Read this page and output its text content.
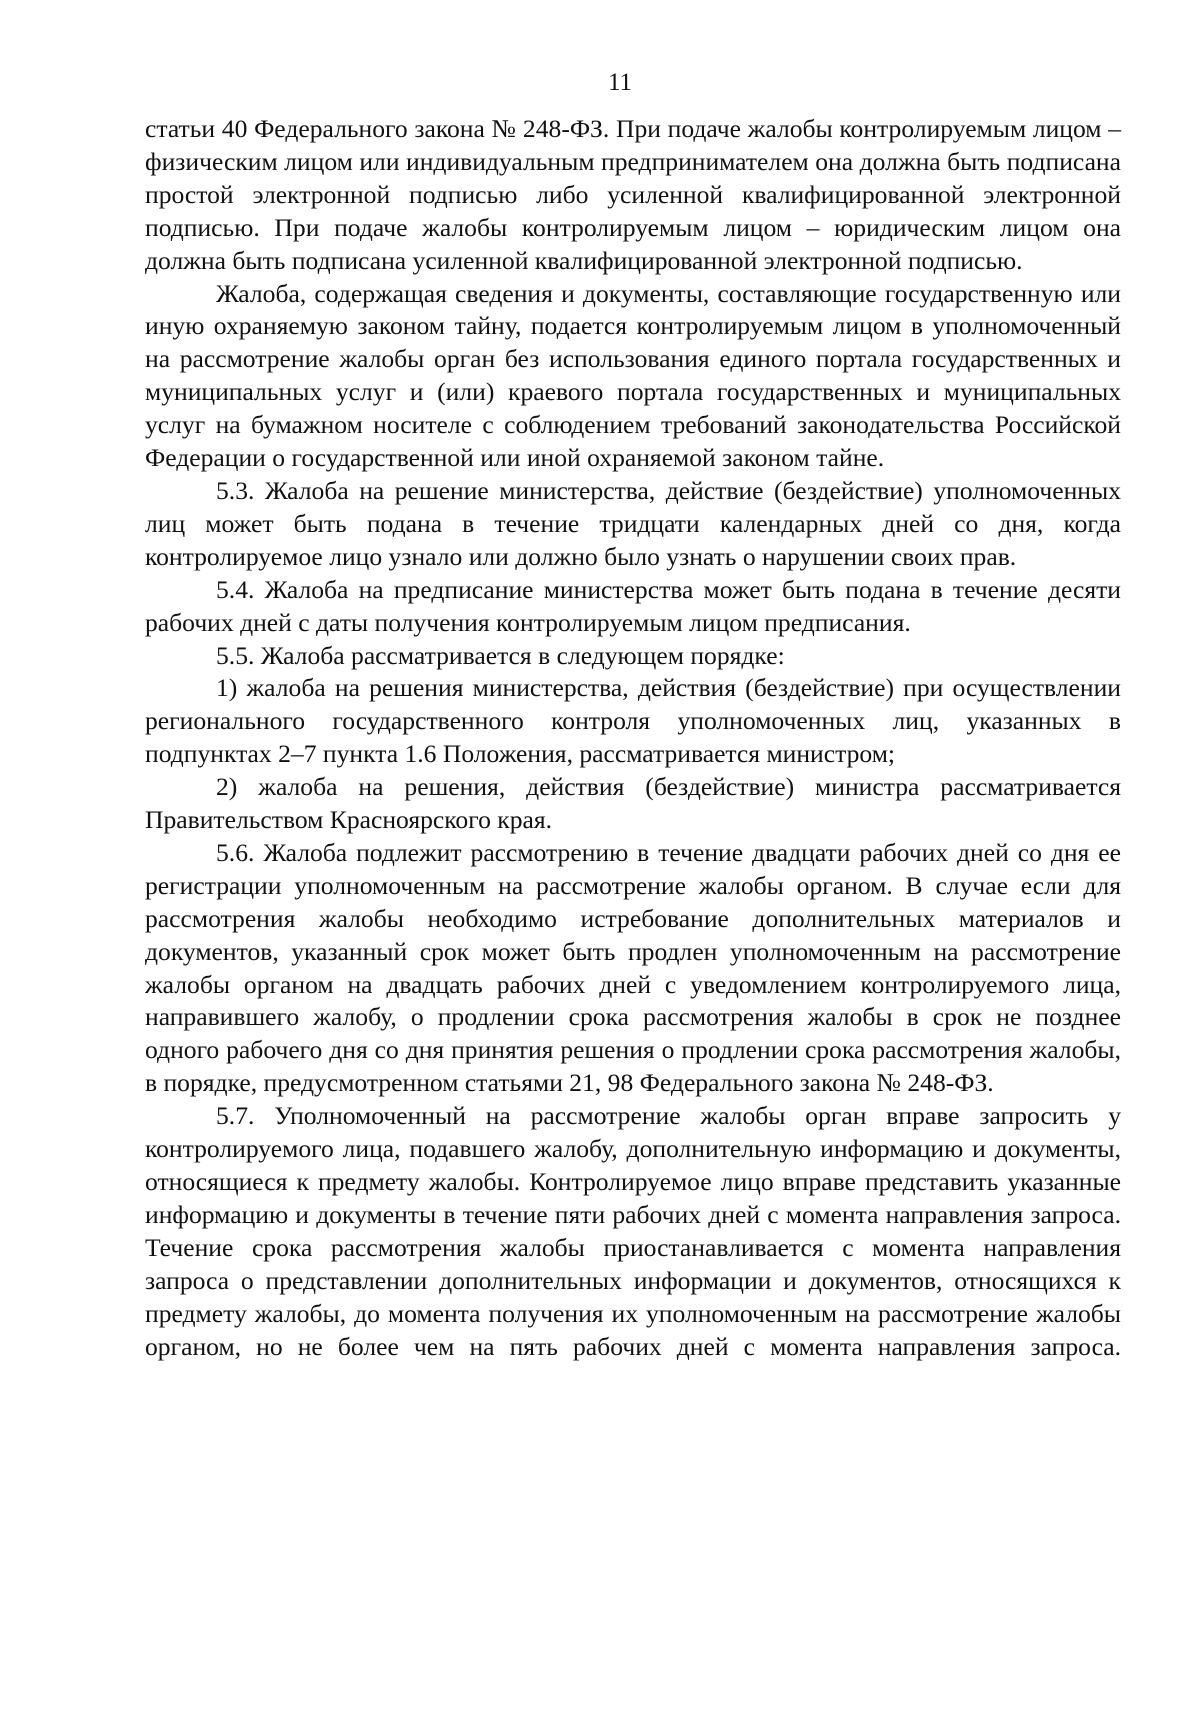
11

статьи 40 Федерального закона № 248-ФЗ. При подаче жалобы контролируемым лицом – физическим лицом или индивидуальным предпринимателем она должна быть подписана простой электронной подписью либо усиленной квалифицированной электронной подписью. При подаче жалобы контролируемым лицом – юридическим лицом она должна быть подписана усиленной квалифицированной электронной подписью.

Жалоба, содержащая сведения и документы, составляющие государственную или иную охраняемую законом тайну, подается контролируемым лицом в уполномоченный на рассмотрение жалобы орган без использования единого портала государственных и муниципальных услуг и (или) краевого портала государственных и муниципальных услуг на бумажном носителе с соблюдением требований законодательства Российской Федерации о государственной или иной охраняемой законом тайне.

5.3. Жалоба на решение министерства, действие (бездействие) уполномоченных лиц может быть подана в течение тридцати календарных дней со дня, когда контролируемое лицо узнало или должно было узнать о нарушении своих прав.

5.4. Жалоба на предписание министерства может быть подана в течение десяти рабочих дней с даты получения контролируемым лицом предписания.

5.5. Жалоба рассматривается в следующем порядке:

1) жалоба на решения министерства, действия (бездействие) при осуществлении регионального государственного контроля уполномоченных лиц, указанных в подпунктах 2–7 пункта 1.6 Положения, рассматривается министром;

2) жалоба на решения, действия (бездействие) министра рассматривается Правительством Красноярского края.

5.6. Жалоба подлежит рассмотрению в течение двадцати рабочих дней со дня ее регистрации уполномоченным на рассмотрение жалобы органом. В случае если для рассмотрения жалобы необходимо истребование дополнительных материалов и документов, указанный срок может быть продлен уполномоченным на рассмотрение жалобы органом на двадцать рабочих дней с уведомлением контролируемого лица, направившего жалобу, о продлении срока рассмотрения жалобы в срок не позднее одного рабочего дня со дня принятия решения о продлении срока рассмотрения жалобы, в порядке, предусмотренном статьями 21, 98 Федерального закона № 248-ФЗ.

5.7. Уполномоченный на рассмотрение жалобы орган вправе запросить у контролируемого лица, подавшего жалобу, дополнительную информацию и документы, относящиеся к предмету жалобы. Контролируемое лицо вправе представить указанные информацию и документы в течение пяти рабочих дней с момента направления запроса. Течение срока рассмотрения жалобы приостанавливается с момента направления запроса о представлении дополнительных информации и документов, относящихся к предмету жалобы, до момента получения их уполномоченным на рассмотрение жалобы органом, но не более чем на пять рабочих дней с момента направления запроса.
